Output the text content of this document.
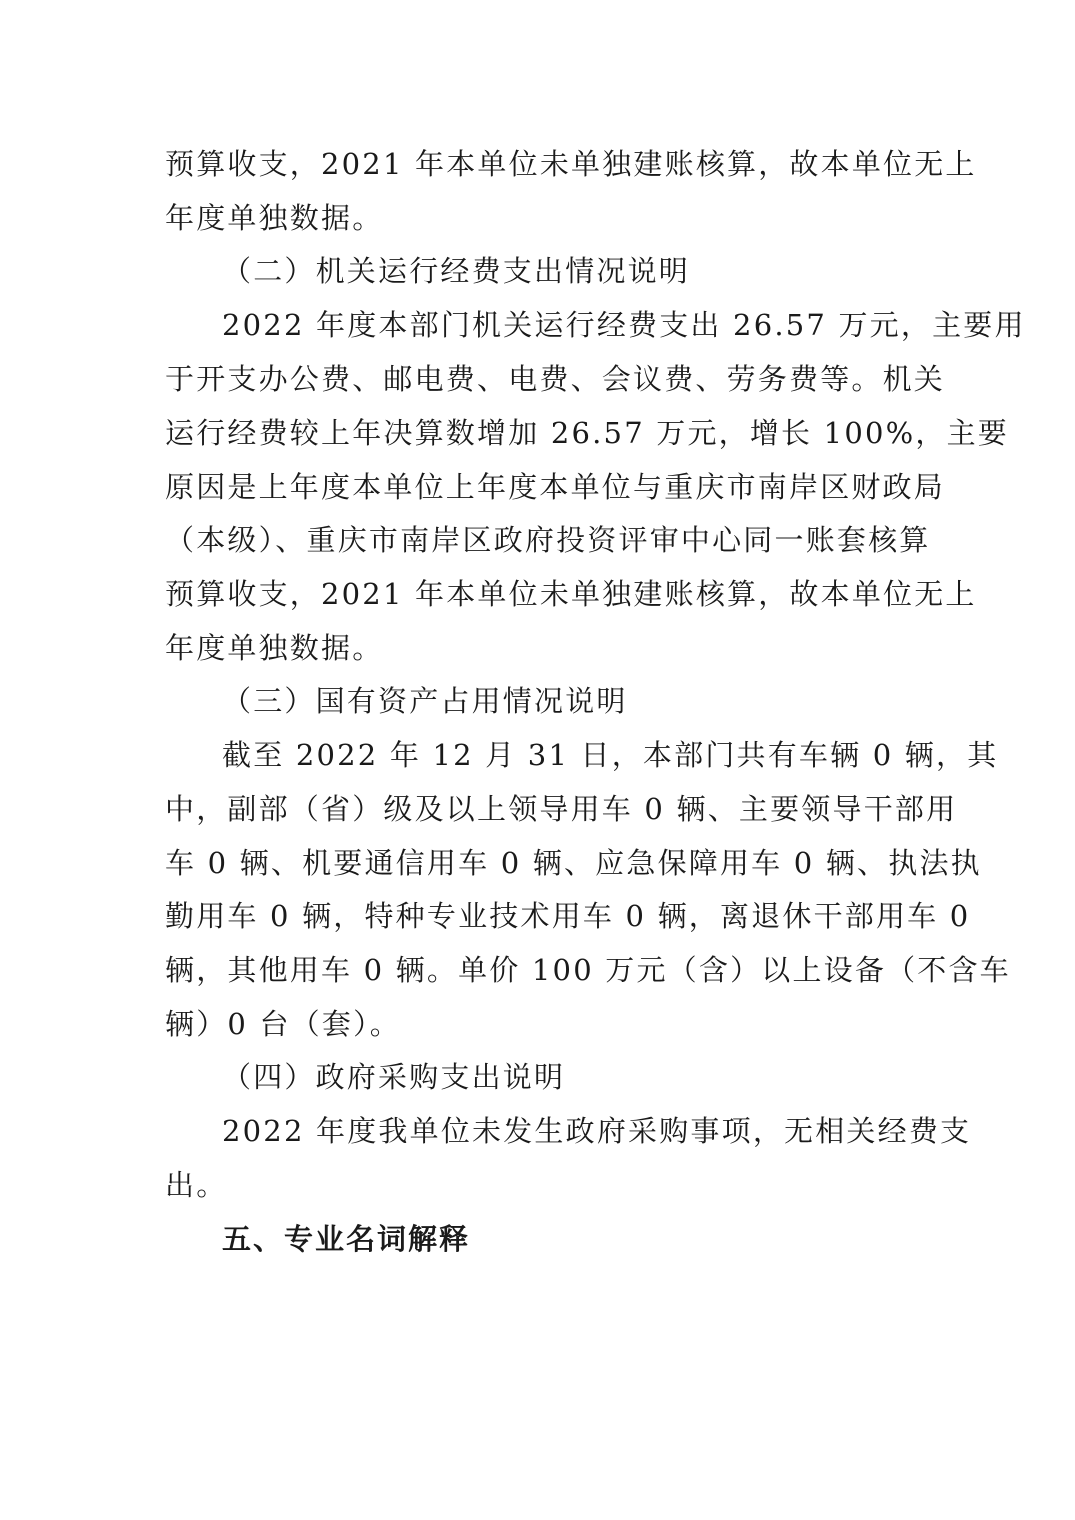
预算收支，2021 年本单位未单独建账核算，故本单位无上
年度单独数据。
（二）机关运行经费支出情况说明
2022 年度本部门机关运行经费支出 26.57 万元，主要用
于开支办公费、邮电费、电费、会议费、劳务费等。机关
运行经费较上年决算数增加 26.57 万元，增长 100%，主要
原因是上年度本单位上年度本单位与重庆市南岸区财政局
（本级）、重庆市南岸区政府投资评审中心同一账套核算
预算收支，2021 年本单位未单独建账核算，故本单位无上
年度单独数据。
（三）国有资产占用情况说明
截至 2022 年 12 月 31 日，本部门共有车辆 0 辆，其
中，副部（省）级及以上领导用车 0 辆、主要领导干部用
车 0 辆、机要通信用车 0 辆、应急保障用车 0 辆、执法执
勤用车 0 辆，特种专业技术用车 0 辆，离退休干部用车 0
辆，其他用车 0 辆。单价 100 万元（含）以上设备（不含车
辆）0 台（套）。
（四）政府采购支出说明
2022 年度我单位未发生政府采购事项，无相关经费支
出。
五、专业名词解释
